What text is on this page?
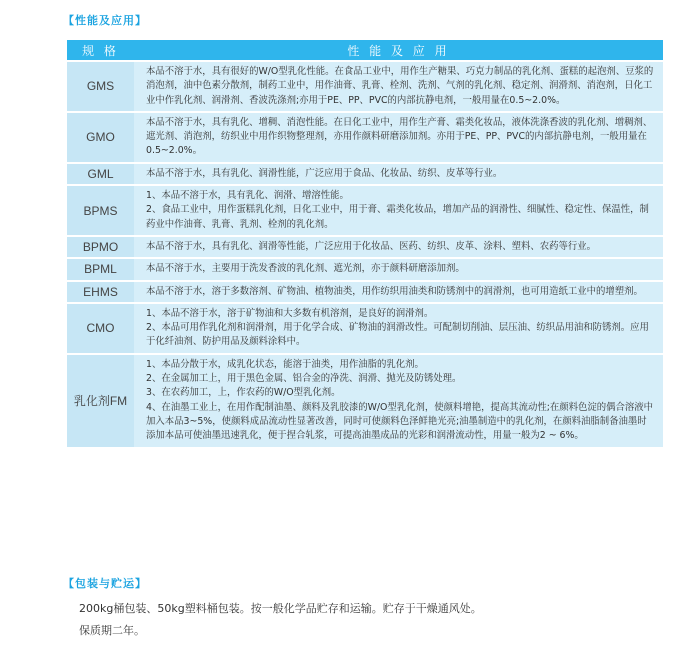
【性能及应用】
规 格	性 能 及 应 用
GMS	本品不溶于水，具有很好的W/O型乳化性能。在食品工业中，用作生产糖果、巧克力制品的乳化剂、蛋糕的起泡剂、豆浆的消泡剂，油中色素分散剂，制药工业中，用作油膏、乳膏、栓剂、洗剂、气剂的乳化剂、稳定剂、润滑剂、消泡剂，日化工业中作乳化剂、润滑剂、香波洗涤剂;亦用于PE、PP、PVC的内部抗静电剂，一般用量在0.5~2.0%。

GMO	本品不溶于水，具有乳化、增稠、消泡性能。在日化工业中，用作生产膏、霜类化妆品，液体洗涤香波的乳化剂、增稠剂、遮光剂、消泡剂，纺织业中用作织物整理剂，亦用作颜料研磨添加剂。亦用于PE、PP、PVC的内部抗静电剂，一般用量在0.5~2.0%。

GML	本品不溶于水，具有乳化、润滑性能，广泛应用于食品、化妆品、纺织、皮革等行业。

BPMS	1、本品不溶于水，具有乳化、润滑、增溶性能。
2、食品工业中，用作蛋糕乳化剂，日化工业中，用于膏、霜类化妆品，增加产品的润滑性、细腻性、稳定性、保温性，制药业中作油膏、乳膏、乳剂、栓剂的乳化剂。

BPMO	本品不溶于水，具有乳化、润滑等性能，广泛应用于化妆品、医药、纺织、皮革、涂料、塑料、农药等行业。

BPML	本品不溶于水，主要用于洗发香波的乳化剂、遮光剂，亦于颜料研磨添加剂。

EHMS	本品不溶于水，溶于多数溶剂、矿物油、植物油类，用作纺织用油类和防锈剂中的润滑剂，也可用造纸工业中的增塑剂。

CMO	1、本品不溶于水，溶于矿物油和大多数有机溶剂，是良好的润滑剂。
2、本品可用作乳化剂和润滑剂，用于化学合成、矿物油的润滑改性。可配制切削油、层压油、纺织品用油和防锈剂。应用于化纤油剂、防护用品及颜料涂料中。

乳化剂FM	1、本品分散于水，成乳化状态，能溶于油类，用作油脂的乳化剂。
2、在金属加工上，用于黑色金属、铝合金的净洗、润滑、抛光及防锈处理。
3、在农药加工，上，作农药的W/O型乳化剂。
4、在油墨工业上，在用作配制油墨、颜料及乳胶漆的W/O型乳化剂，使颜料增艳，提高其流动性;在颜料色淀的偶合溶液中加入本品3~5%，使颜料成品流动性显著改善，同时可使颜料色泽鲜艳光亮;油墨制造中的乳化剂，在颜料油脂制备油墨时添加本品可使油墨迅速乳化，便于捏合轧浆，可提高油墨成品的光彩和润滑流动性，用量一般为2 ~ 6%。
【包装与贮运】
200kg桶包装、50kg塑料桶包装。按一般化学品贮存和运输。贮存于干燥通风处。
保质期二年。
